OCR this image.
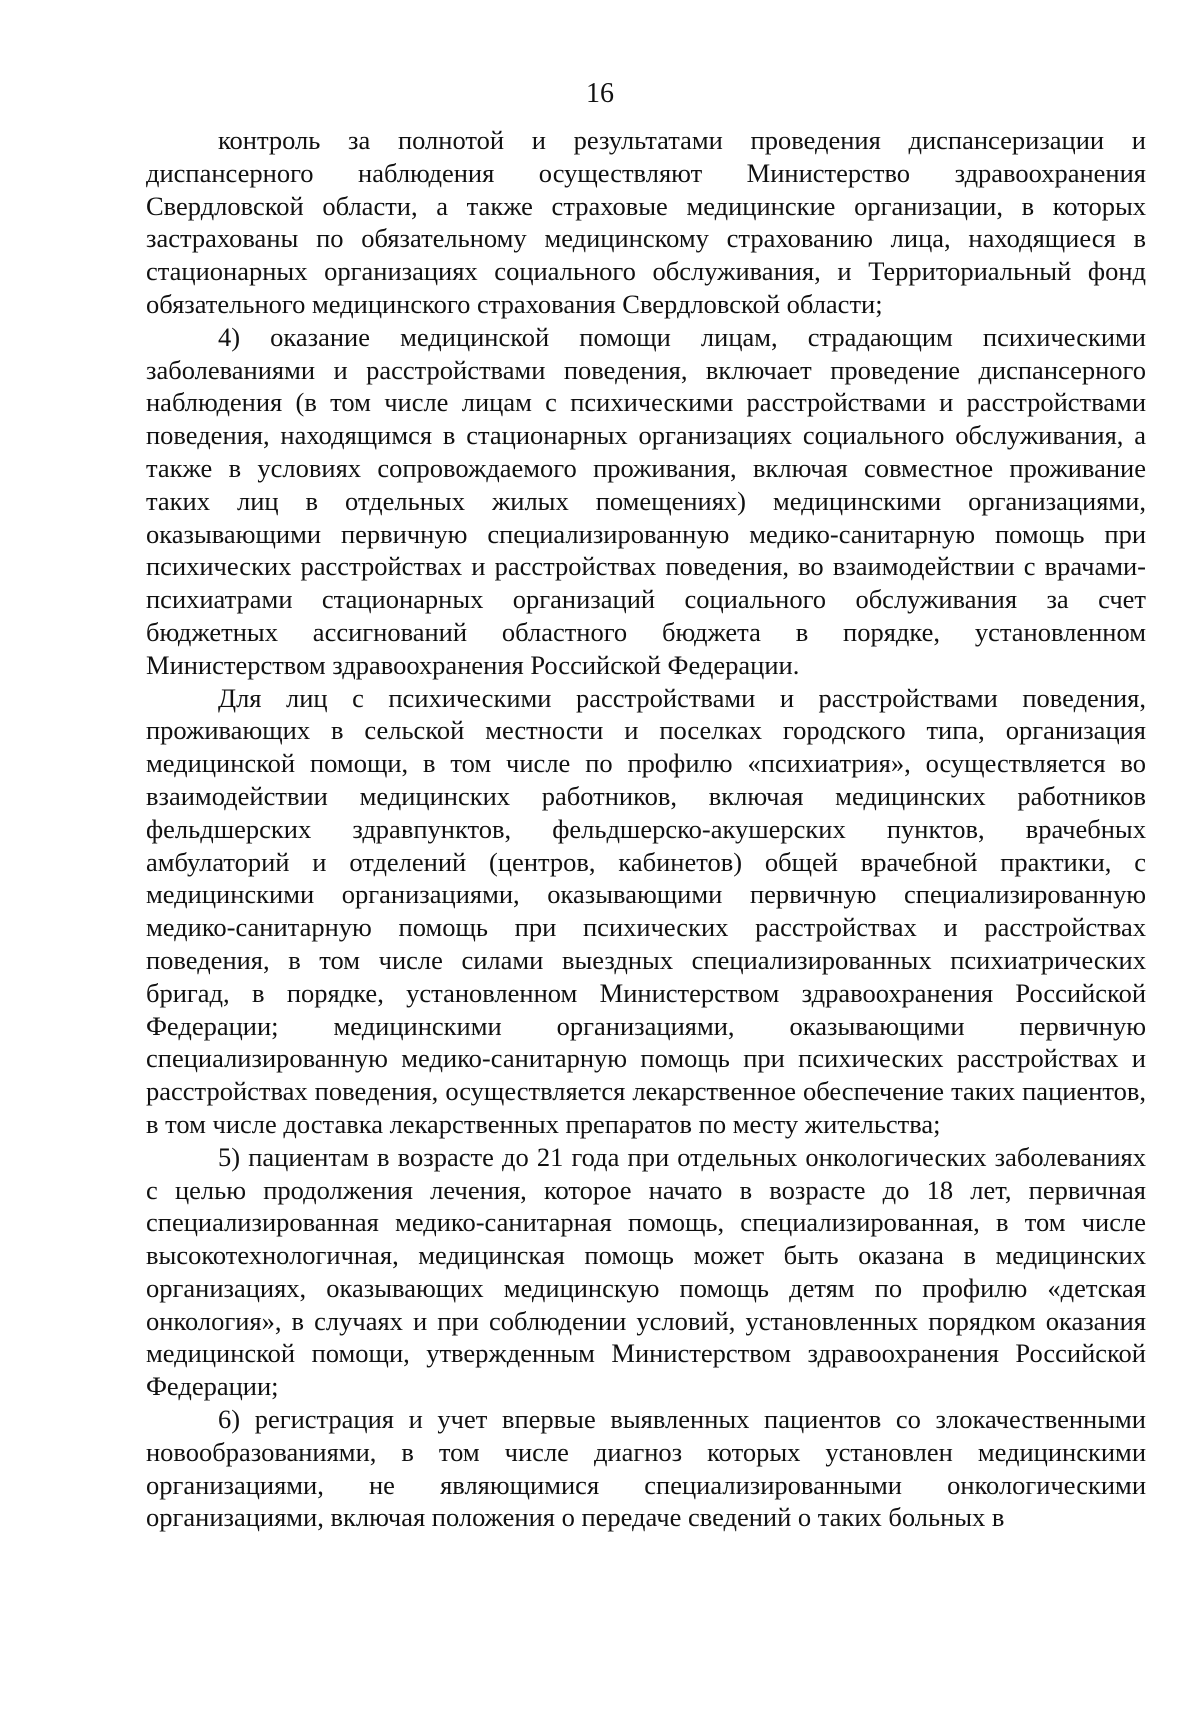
16

контроль за полнотой и результатами проведения диспансеризации и диспансерного наблюдения осуществляют Министерство здравоохранения Свердловской области, а также страховые медицинские организации, в которых застрахованы по обязательному медицинскому страхованию лица, находящиеся в стационарных организациях социального обслуживания, и Территориальный фонд обязательного медицинского страхования Свердловской области;

4) оказание медицинской помощи лицам, страдающим психическими заболеваниями и расстройствами поведения, включает проведение диспансерного наблюдения (в том числе лицам с психическими расстройствами и расстройствами поведения, находящимся в стационарных организациях социального обслуживания, а также в условиях сопровождаемого проживания, включая совместное проживание таких лиц в отдельных жилых помещениях) медицинскими организациями, оказывающими первичную специализированную медико-санитарную помощь при психических расстройствах и расстройствах поведения, во взаимодействии с врачами-психиатрами стационарных организаций социального обслуживания за счет бюджетных ассигнований областного бюджета в порядке, установленном Министерством здравоохранения Российской Федерации.

Для лиц с психическими расстройствами и расстройствами поведения, проживающих в сельской местности и поселках городского типа, организация медицинской помощи, в том числе по профилю «психиатрия», осуществляется во взаимодействии медицинских работников, включая медицинских работников фельдшерских здравпунктов, фельдшерско-акушерских пунктов, врачебных амбулаторий и отделений (центров, кабинетов) общей врачебной практики, с медицинскими организациями, оказывающими первичную специализированную медико-санитарную помощь при психических расстройствах и расстройствах поведения, в том числе силами выездных специализированных психиатрических бригад, в порядке, установленном Министерством здравоохранения Российской Федерации; медицинскими организациями, оказывающими первичную специализированную медико-санитарную помощь при психических расстройствах и расстройствах поведения, осуществляется лекарственное обеспечение таких пациентов, в том числе доставка лекарственных препаратов по месту жительства;

5) пациентам в возрасте до 21 года при отдельных онкологических заболеваниях с целью продолжения лечения, которое начато в возрасте до 18 лет, первичная специализированная медико-санитарная помощь, специализированная, в том числе высокотехнологичная, медицинская помощь может быть оказана в медицинских организациях, оказывающих медицинскую помощь детям по профилю «детская онкология», в случаях и при соблюдении условий, установленных порядком оказания медицинской помощи, утвержденным Министерством здравоохранения Российской Федерации;

6) регистрация и учет впервые выявленных пациентов со злокачественными новообразованиями, в том числе диагноз которых установлен медицинскими организациями, не являющимися специализированными онкологическими организациями, включая положения о передаче сведений о таких больных в
